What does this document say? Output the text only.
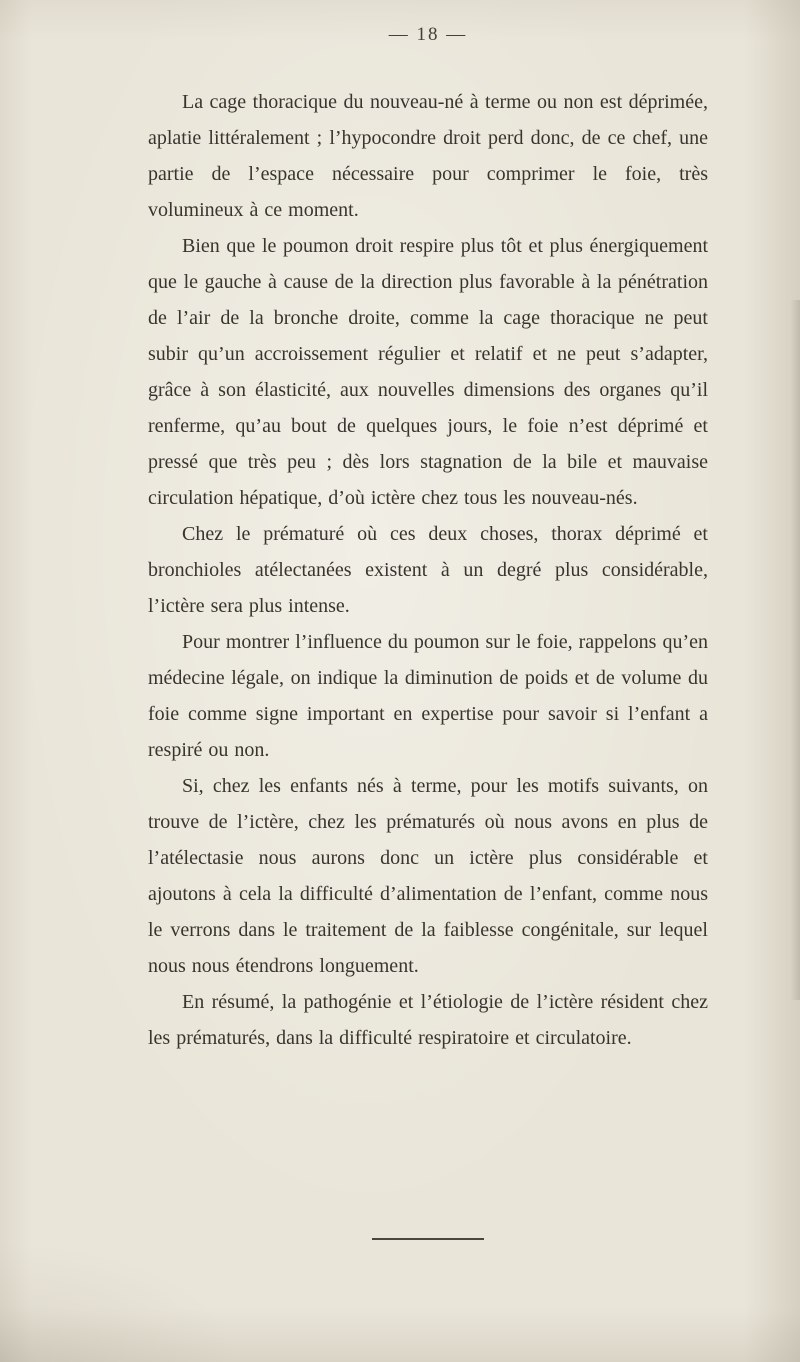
— 18 —

La cage thoracique du nouveau-né à terme ou non est déprimée, aplatie littéralement ; l’hypocondre droit perd donc, de ce chef, une partie de l’espace nécessaire pour comprimer le foie, très volumineux à ce moment.

Bien que le poumon droit respire plus tôt et plus énergiquement que le gauche à cause de la direction plus favorable à la pénétration de l’air de la bronche droite, comme la cage thoracique ne peut subir qu’un accroissement régulier et relatif et ne peut s’adapter, grâce à son élasticité, aux nouvelles dimensions des organes qu’il renferme, qu’au bout de quelques jours, le foie n’est déprimé et pressé que très peu ; dès lors stagnation de la bile et mauvaise circulation hépatique, d’où ictère chez tous les nouveau-nés.

Chez le prématuré où ces deux choses, thorax déprimé et bronchioles atélectanées existent à un degré plus considérable, l’ictère sera plus intense.

Pour montrer l’influence du poumon sur le foie, rappelons qu’en médecine légale, on indique la diminution de poids et de volume du foie comme signe important en expertise pour savoir si l’enfant a respiré ou non.

Si, chez les enfants nés à terme, pour les motifs suivants, on trouve de l’ictère, chez les prématurés où nous avons en plus de l’atélectasie nous aurons donc un ictère plus considérable et ajoutons à cela la difficulté d’alimentation de l’enfant, comme nous le verrons dans le traitement de la faiblesse congénitale, sur lequel nous nous étendrons longuement.

En résumé, la pathogénie et l’étiologie de l’ictère résident chez les prématurés, dans la difficulté respiratoire et circulatoire.
